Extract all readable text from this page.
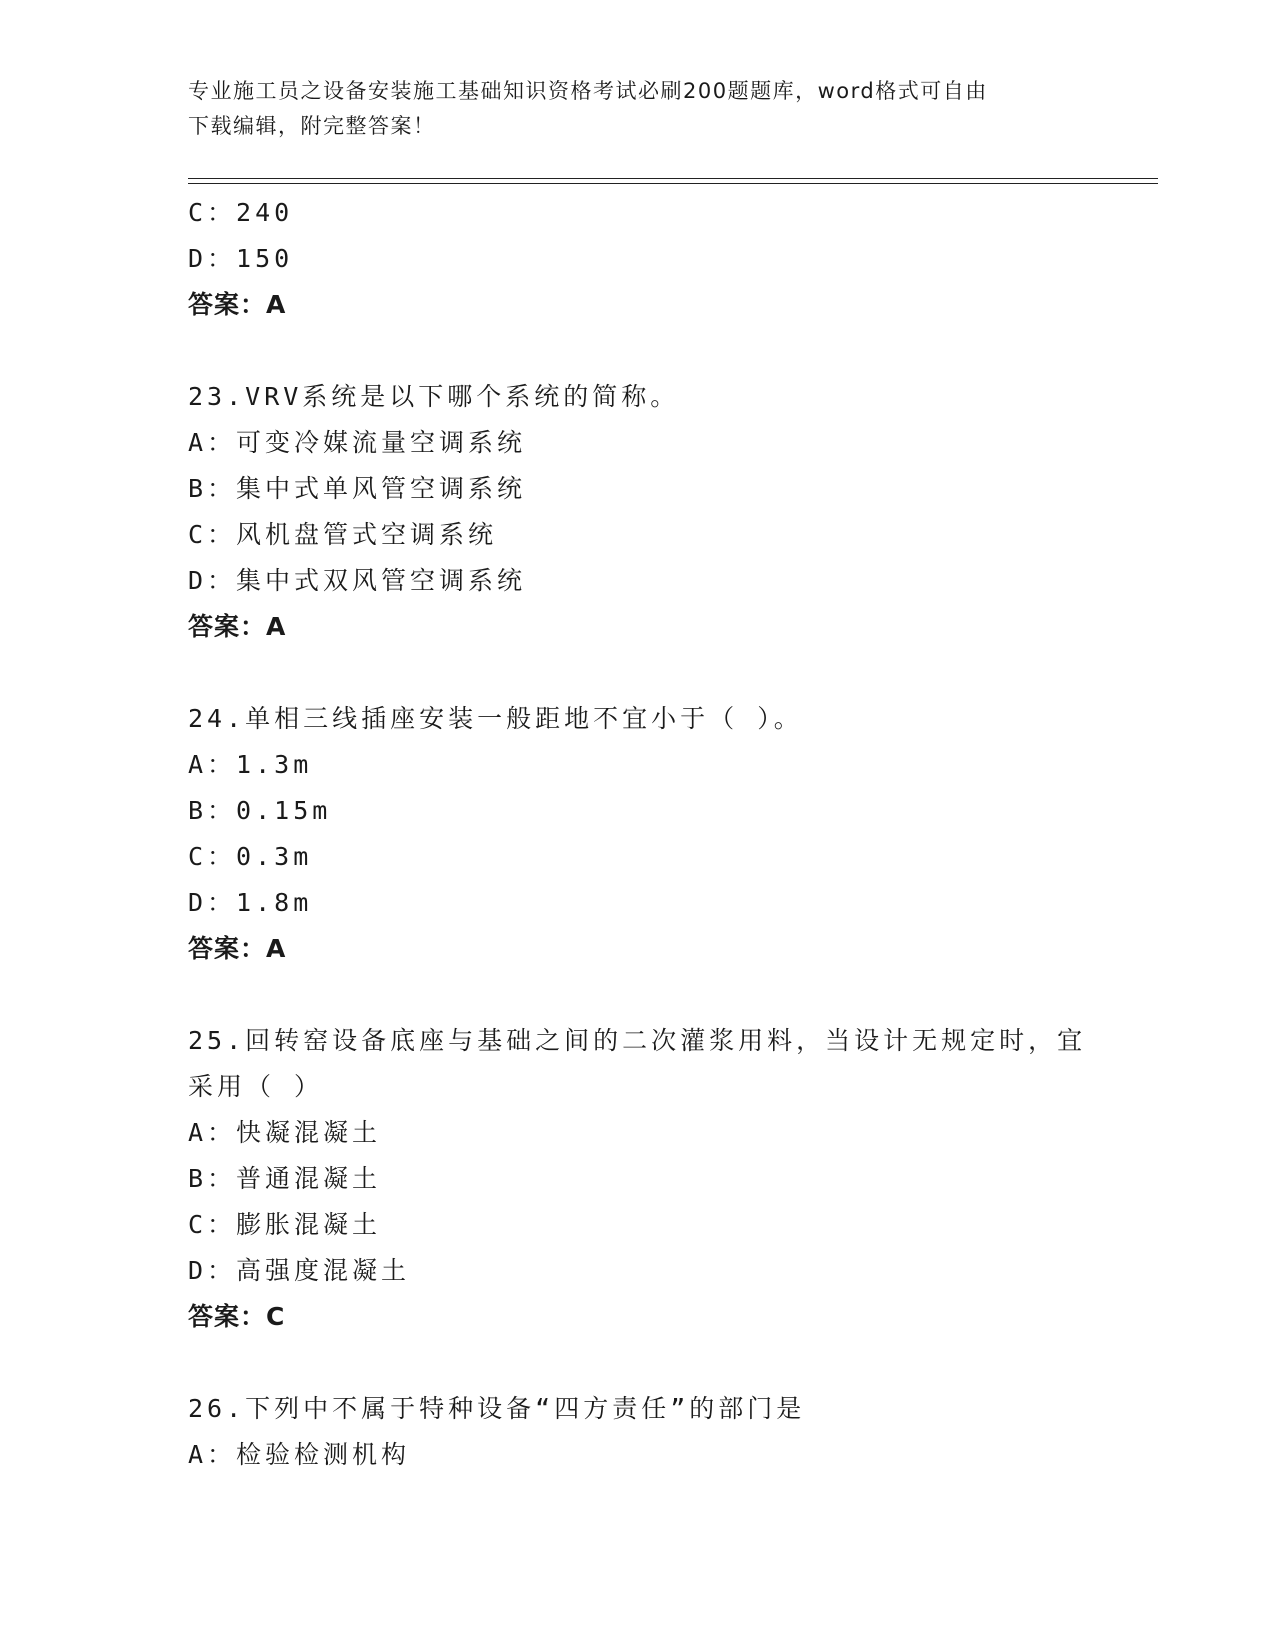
专业施工员之设备安装施工基础知识资格考试必刷200题题库，word格式可自由
下载编辑，附完整答案！
C：240
D：150
答案：A
23.VRV系统是以下哪个系统的简称。
A：可变冷媒流量空调系统
B：集中式单风管空调系统
C：风机盘管式空调系统
D：集中式双风管空调系统
答案：A
24.单相三线插座安装一般距地不宜小于（ ）。
A：1.3m
B：0.15m
C：0.3m
D：1.8m
答案：A
25.回转窑设备底座与基础之间的二次灌浆用料，当设计无规定时，宜
采用（ ）
A：快凝混凝土
B：普通混凝土
C：膨胀混凝土
D：高强度混凝土
答案：C
26.下列中不属于特种设备“四方责任”的部门是
A：检验检测机构
